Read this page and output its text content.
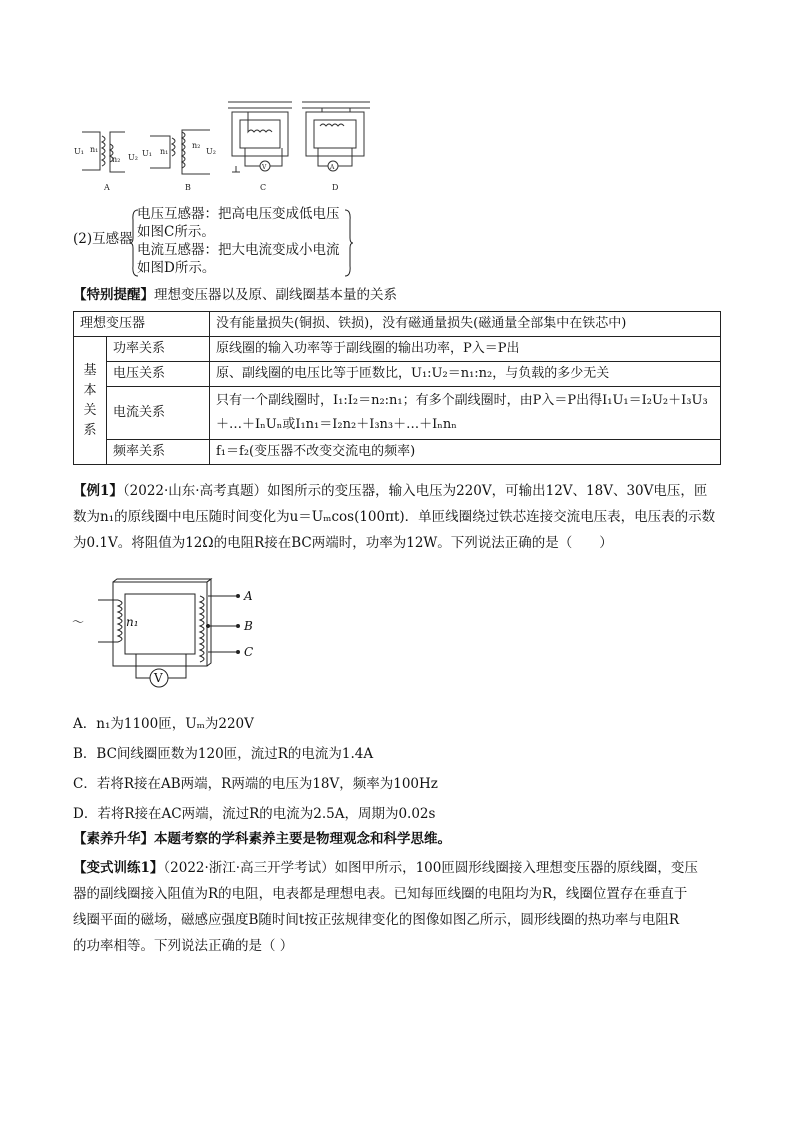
U₁ n₁
n₂ U₂ U₁ n₁
n₂
U₂
V	A
A	B	C	D
(2)互感器
电压互感器：把高电压变成低电压
如图C所示。
电流互感器：把大电流变成小电流
如图D所示。
【特别提醒】理想变压器以及原、副线圈基本量的关系
理想变压器		没有能量损失(铜损、铁损)，没有磁通量损失(磁通量全部集中在铁芯中)

基
本
关
系	功率关系	原线圈的输入功率等于副线圈的输出功率，P入＝P出
	电压关系	原、副线圈的电压比等于匝数比，U₁:U₂＝n₁:n₂，与负载的多少无关
	电流关系	只有一个副线圈时，I₁:I₂＝n₂:n₁；有多个副线圈时，由P入＝P出得I₁U₁＝I₂U₂＋I₃U₃
＋…＋IₙUₙ或I₁n₁＝I₂n₂＋I₃n₃＋…＋Iₙnₙ

	频率关系	f₁＝f₂(变压器不改变交流电的频率)
【例1】（2022·山东·高考真题）如图所示的变压器，输入电压为220V，可输出12V、18V、30V电压，匝
数为n₁的原线圈中电压随时间变化为u＝Uₘcos(100πt)．单匝线圈绕过铁芯连接交流电压表，电压表的示数
为0.1V。将阻值为12Ω的电阻R接在BC两端时，功率为12W。下列说法正确的是（　　）
～	n₁
A
B
C
V
A．n₁为1100匝，Uₘ为220V
B．BC间线圈匝数为120匝，流过R的电流为1.4A
C．若将R接在AB两端，R两端的电压为18V，频率为100Hz
D．若将R接在AC两端，流过R的电流为2.5A，周期为0.02s
【素养升华】本题考察的学科素养主要是物理观念和科学思维。
【变式训练1】（2022·浙江·高三开学考试）如图甲所示，100匝圆形线圈接入理想变压器的原线圈，变压
器的副线圈接入阻值为R的电阻，电表都是理想电表。已知每匝线圈的电阻均为R，线圈位置存在垂直于
线圈平面的磁场，磁感应强度B随时间t按正弦规律变化的图像如图乙所示，圆形线圈的热功率与电阻R
的功率相等。下列说法正确的是（ ）
